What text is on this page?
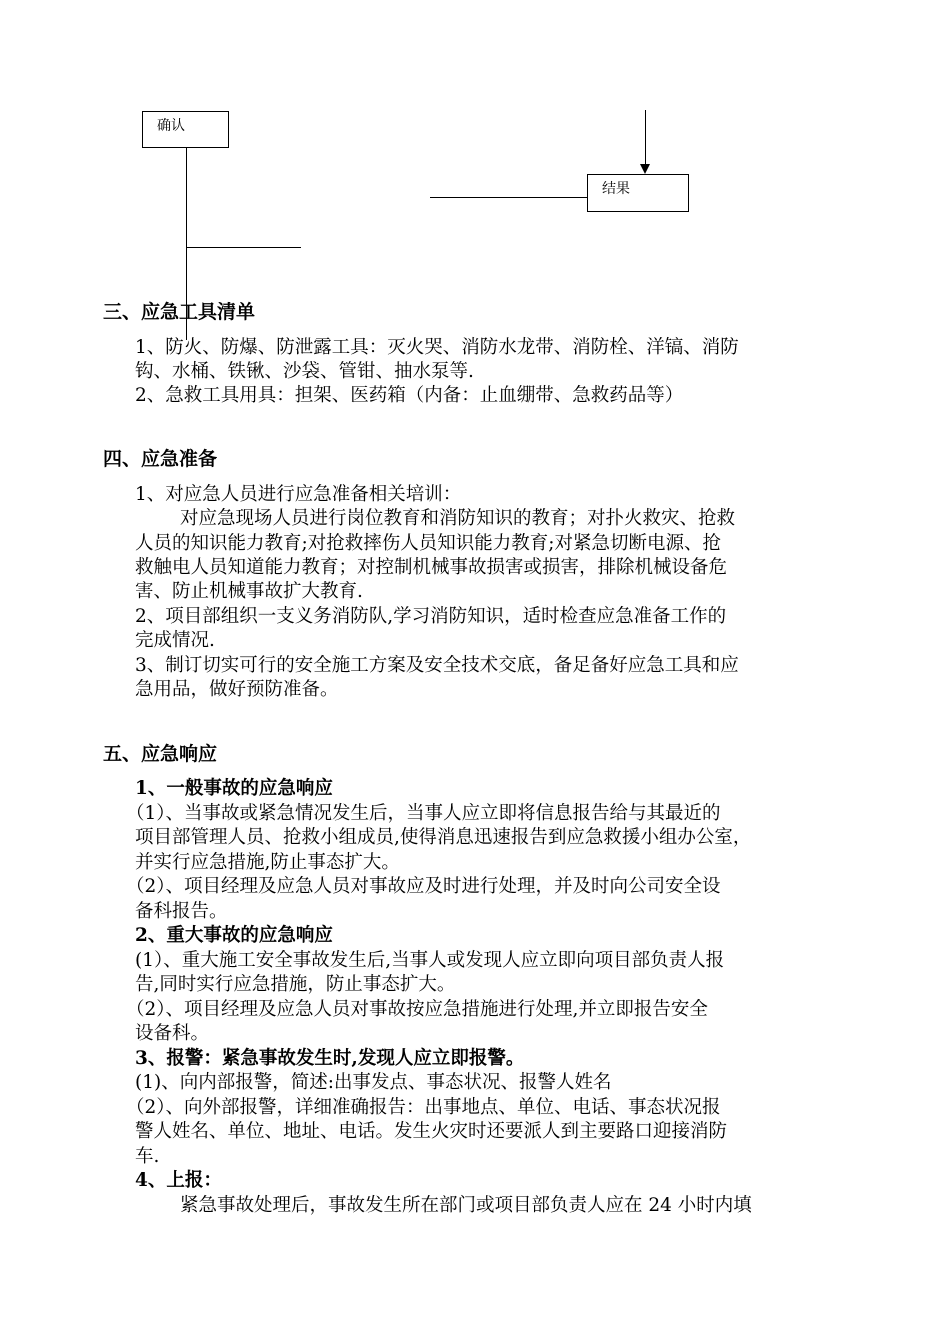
确认
结果
三、应急工具清单
1、防火、防爆、防泄露工具：灭火哭、消防水龙带、消防栓、洋镐、消防
钩、水桶、铁锹、沙袋、管钳、抽水泵等.
2、急救工具用具：担架、医药箱（内备：止血绷带、急救药品等）
四、应急准备
1、对应急人员进行应急准备相关培训：
对应急现场人员进行岗位教育和消防知识的教育；对扑火救灾、抢救
人员的知识能力教育;对抢救摔伤人员知识能力教育;对紧急切断电源、抢
救触电人员知道能力教育；对控制机械事故损害或损害，排除机械设备危
害、防止机械事故扩大教育.
2、项目部组织一支义务消防队,学习消防知识，适时检查应急准备工作的
完成情况.
3、制订切实可行的安全施工方案及安全技术交底，备足备好应急工具和应
急用品，做好预防准备。
五、应急响应
1、一般事故的应急响应
（1）、当事故或紧急情况发生后，当事人应立即将信息报告给与其最近的
项目部管理人员、抢救小组成员,使得消息迅速报告到应急救援小组办公室，
并实行应急措施,防止事态扩大。
（2）、项目经理及应急人员对事故应及时进行处理，并及时向公司安全设
备科报告。
2、重大事故的应急响应
(1）、重大施工安全事故发生后,当事人或发现人应立即向项目部负责人报
告,同时实行应急措施，防止事态扩大。
（2）、项目经理及应急人员对事故按应急措施进行处理,并立即报告安全
设备科。
3、报警：紧急事故发生时,发现人应立即报警。
(1)、向内部报警，简述:出事发点、事态状况、报警人姓名
（2）、向外部报警，详细准确报告：出事地点、单位、电话、事态状况报
警人姓名、单位、地址、电话。发生火灾时还要派人到主要路口迎接消防
车.
4、上报：
紧急事故处理后，事故发生所在部门或项目部负责人应在 24 小时内填
